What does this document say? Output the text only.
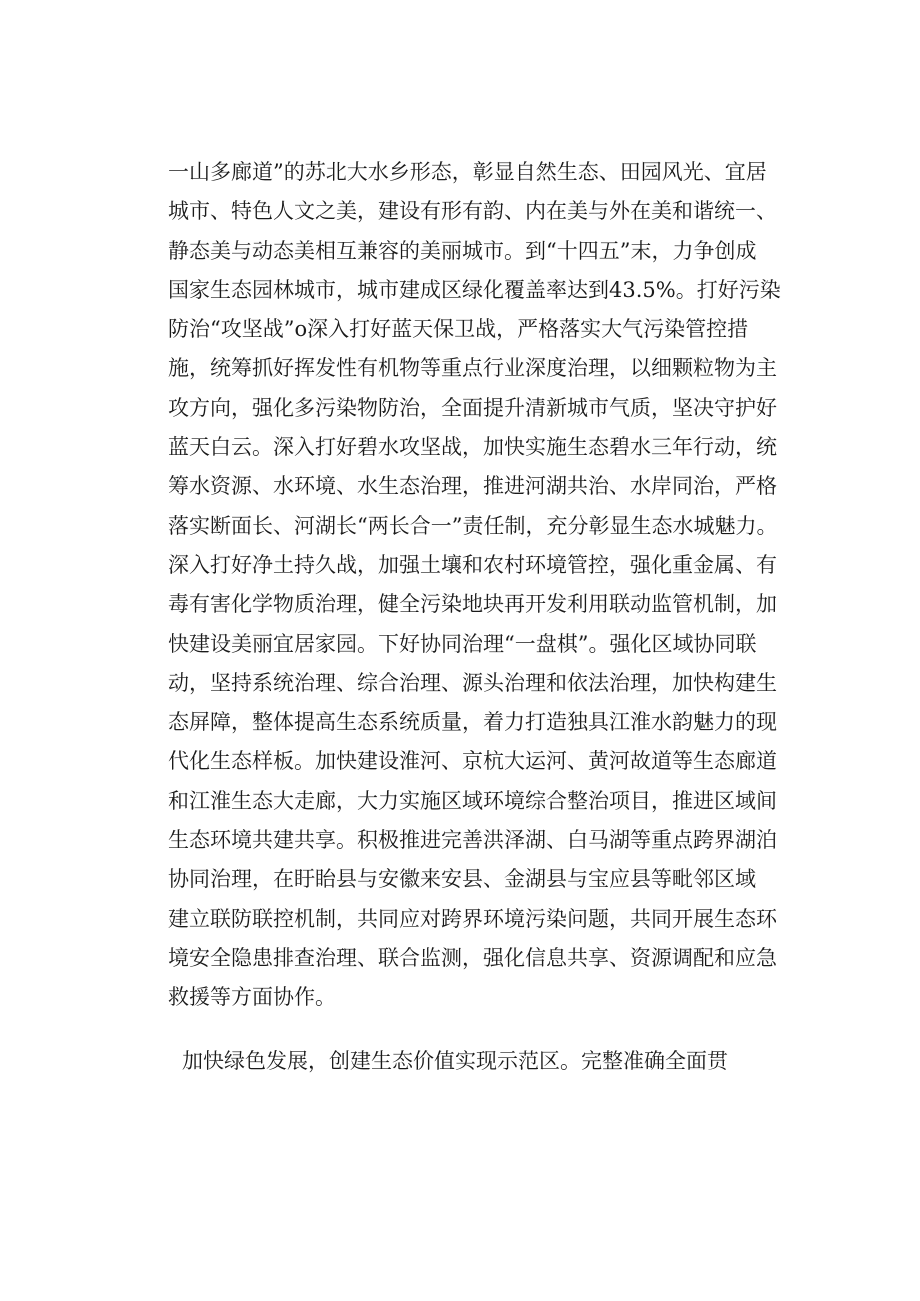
一山多廊道”的苏北大水乡形态，彰显自然生态、田园风光、宜居
城市、特色人文之美，建设有形有韵、内在美与外在美和谐统一、
静态美与动态美相互兼容的美丽城市。到“十四五”末，力争创成
国家生态园林城市，城市建成区绿化覆盖率达到43.5%。打好污染
防治“攻坚战”o深入打好蓝天保卫战，严格落实大气污染管控措
施，统筹抓好挥发性有机物等重点行业深度治理，以细颗粒物为主
攻方向，强化多污染物防治，全面提升清新城市气质，坚决守护好
蓝天白云。深入打好碧水攻坚战，加快实施生态碧水三年行动，统
筹水资源、水环境、水生态治理，推进河湖共治、水岸同治，严格
落实断面长、河湖长“两长合一”责任制，充分彰显生态水城魅力。
深入打好净土持久战，加强土壤和农村环境管控，强化重金属、有
毒有害化学物质治理，健全污染地块再开发利用联动监管机制，加
快建设美丽宜居家园。下好协同治理“一盘棋”。强化区域协同联
动，坚持系统治理、综合治理、源头治理和依法治理，加快构建生
态屏障，整体提高生态系统质量，着力打造独具江淮水韵魅力的现
代化生态样板。加快建设淮河、京杭大运河、黄河故道等生态廊道
和江淮生态大走廊，大力实施区域环境综合整治项目，推进区域间
生态环境共建共享。积极推进完善洪泽湖、白马湖等重点跨界湖泊
协同治理，在盱眙县与安徽来安县、金湖县与宝应县等毗邻区域
建立联防联控机制，共同应对跨界环境污染问题，共同开展生态环
境安全隐患排查治理、联合监测，强化信息共享、资源调配和应急
救援等方面协作。
加快绿色发展，创建生态价值实现示范区。完整准确全面贯
